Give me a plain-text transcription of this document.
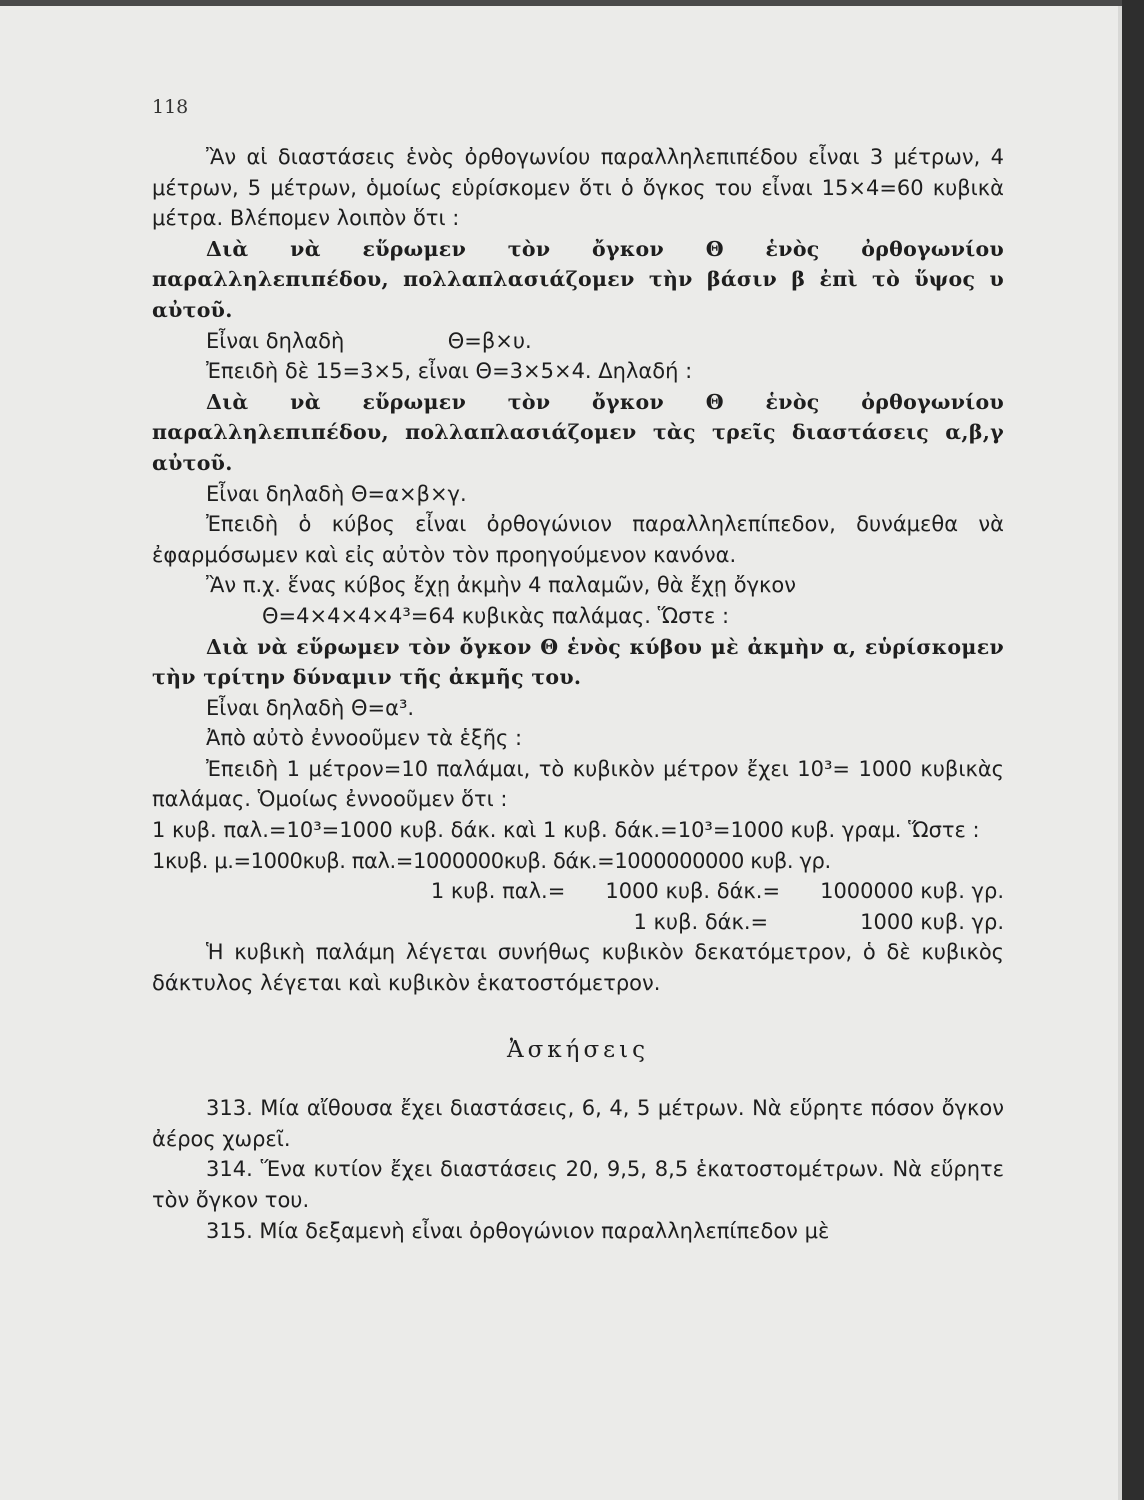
118

Ἂν αἱ διαστάσεις ἑνὸς ὀρθογωνίου παραλληλεπιπέδου εἶναι 3 μέτρων, 4 μέτρων, 5 μέτρων, ὁμοίως εὑρίσκομεν ὅτι ὁ ὄγκος του εἶναι 15×4=60 κυβικὰ μέτρα. Βλέπομεν λοιπὸν ὅτι :

Διὰ νὰ εὕρωμεν τὸν ὄγκον Θ ἑνὸς ὀρθογωνίου παραλληλεπιπέδου, πολλαπλασιάζομεν τὴν βάσιν β ἐπὶ τὸ ὕψος υ αὐτοῦ.

Εἶναι δηλαδὴ	Θ=β×υ.

Ἐπειδὴ δὲ 15=3×5, εἶναι Θ=3×5×4. Δηλαδή :

Διὰ νὰ εὕρωμεν τὸν ὄγκον Θ ἑνὸς ὀρθογωνίου παραλληλεπιπέδου, πολλαπλασιάζομεν τὰς τρεῖς διαστάσεις α,β,γ αὐτοῦ.

Εἶναι δηλαδὴ Θ=α×β×γ.

Ἐπειδὴ ὁ κύβος εἶναι ὀρθογώνιον παραλληλεπίπεδον, δυνάμεθα νὰ ἐφαρμόσωμεν καὶ εἰς αὐτὸν τὸν προηγούμενον κανόνα.

Ἂν π.χ. ἕνας κύβος ἔχῃ ἀκμὴν 4 παλαμῶν, θὰ ἔχῃ ὄγκον

Θ=4×4×4×4³=64 κυβικὰς παλάμας. Ὥστε :

Διὰ νὰ εὕρωμεν τὸν ὄγκον Θ ἑνὸς κύβου μὲ ἀκμὴν α, εὑρίσκομεν τὴν τρίτην δύναμιν τῆς ἀκμῆς του.

Εἶναι δηλαδὴ Θ=α³.

Ἀπὸ αὐτὸ ἐννοοῦμεν τὰ ἑξῆς :

Ἐπειδὴ 1 μέτρον=10 παλάμαι, τὸ κυβικὸν μέτρον ἔχει 10³= 1000 κυβικὰς παλάμας. Ὁμοίως ἐννοοῦμεν ὅτι :

1 κυβ. παλ.=10³=1000 κυβ. δάκ. καὶ 1 κυβ. δάκ.=10³=1000 κυβ. γραμ. Ὥστε :

1κυβ. μ.=1000κυβ. παλ.=1000000κυβ. δάκ.=1000000000 κυβ. γρ.
1 κυβ. παλ.= 1000 κυβ. δάκ.= 1000000 κυβ. γρ.
1 κυβ. δάκ.=	1000 κυβ. γρ.

Ἡ κυβικὴ παλάμη λέγεται συνήθως κυβικὸν δεκατόμετρον, ὁ δὲ κυβικὸς δάκτυλος λέγεται καὶ κυβικὸν ἑκατοστόμετρον.

Ἀσκήσεις

313. Μία αἴθουσα ἔχει διαστάσεις, 6, 4, 5 μέτρων. Νὰ εὕρητε πόσον ὄγκον ἀέρος χωρεῖ.

314. Ἕνα κυτίον ἔχει διαστάσεις 20, 9,5, 8,5 ἑκατοστομέτρων. Νὰ εὕρητε τὸν ὄγκον του.

315. Μία δεξαμενὴ εἶναι ὀρθογώνιον παραλληλεπίπεδον μὲ
